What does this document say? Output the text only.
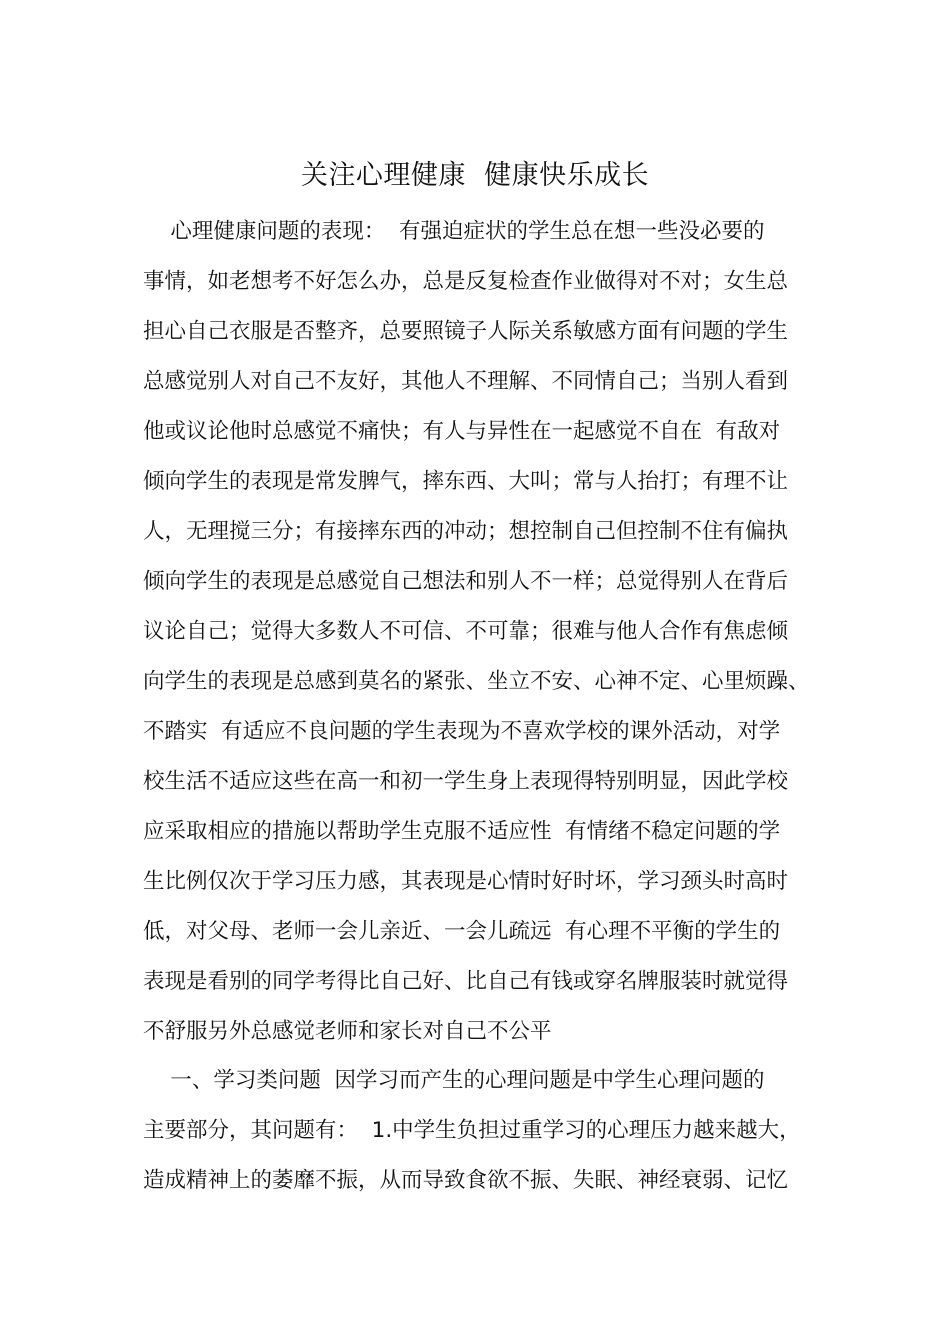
关注心理健康  健康快乐成长
心理健康问题的表现：  有强迫症状的学生总在想一些没必要的
事情，如老想考不好怎么办，总是反复检查作业做得对不对；女生总
担心自己衣服是否整齐，总要照镜子人际关系敏感方面有问题的学生
总感觉别人对自己不友好，其他人不理解、不同情自己；当别人看到
他或议论他时总感觉不痛快；有人与异性在一起感觉不自在  有敌对
倾向学生的表现是常发脾气，摔东西、大叫；常与人抬打；有理不让
人，无理搅三分；有接摔东西的冲动；想控制自己但控制不住有偏执
倾向学生的表现是总感觉自己想法和别人不一样；总觉得别人在背后
议论自己；觉得大多数人不可信、不可靠；很难与他人合作有焦虑倾
向学生的表现是总感到莫名的紧张、坐立不安、心神不定、心里烦躁、
不踏实  有适应不良问题的学生表现为不喜欢学校的课外活动，对学
校生活不适应这些在高一和初一学生身上表现得特别明显，因此学校
应采取相应的措施以帮助学生克服不适应性  有情绪不稳定问题的学
生比例仅次于学习压力感，其表现是心情时好时坏，学习颈头时高时
低，对父母、老师一会儿亲近、一会儿疏远  有心理不平衡的学生的
表现是看别的同学考得比自己好、比自己有钱或穿名牌服装时就觉得
不舒服另外总感觉老师和家长对自己不公平
一、学习类问题  因学习而产生的心理问题是中学生心理问题的
主要部分，其问题有：  1.中学生负担过重学习的心理压力越来越大，
造成精神上的萎靡不振，从而导致食欲不振、失眠、神经衰弱、记忆
